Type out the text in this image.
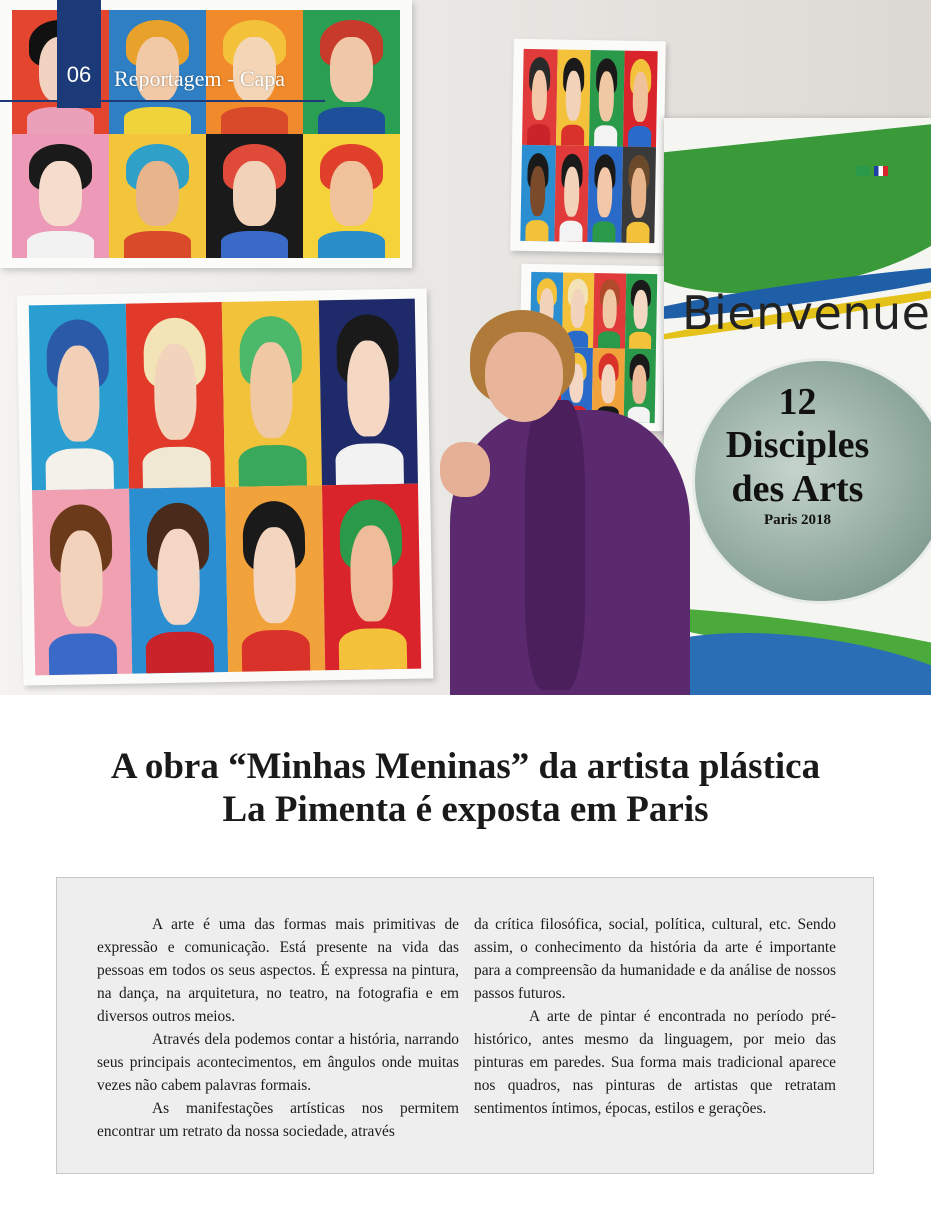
Bienvenue
12
Disciples
des Arts
Paris 2018
06	Reportagem - Capa
A obra “Minhas Meninas” da artista plástica
La Pimenta é exposta em Paris

A arte é uma das formas mais primitivas de expressão e comunicação. Está presente na vida das pessoas em todos os seus aspectos. É expressa na pintura, na dança, na arquitetura, no teatro, na fotografia e em diversos outros meios.

Através dela podemos contar a história, narrando seus principais acontecimentos, em ângulos onde muitas vezes não cabem palavras formais.

As manifestações artísticas nos permitem encontrar um retrato da nossa sociedade, através

da crítica filosófica, social, política, cultural, etc. Sendo assim, o conhecimento da história da arte é importante para a compreensão da humanidade e da análise de nossos passos futuros.

A arte de pintar é encontrada no período pré-histórico, antes mesmo da linguagem, por meio das pinturas em paredes. Sua forma mais tradicional aparece nos quadros, nas pinturas de artistas que retratam sentimentos íntimos, épocas, estilos e gerações.
